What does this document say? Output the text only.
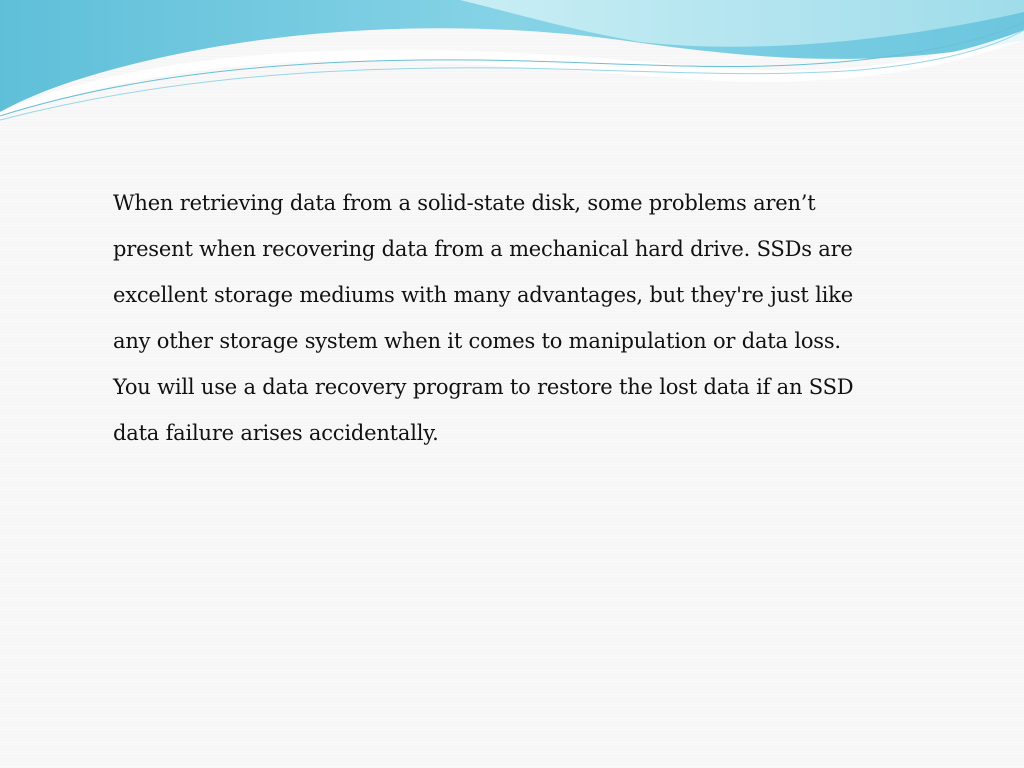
When retrieving data from a solid-state disk, some problems aren’t
present when recovering data from a mechanical hard drive. SSDs are
excellent storage mediums with many advantages, but they're just like
any other storage system when it comes to manipulation or data loss.
You will use a data recovery program to restore the lost data if an SSD
data failure arises accidentally.
